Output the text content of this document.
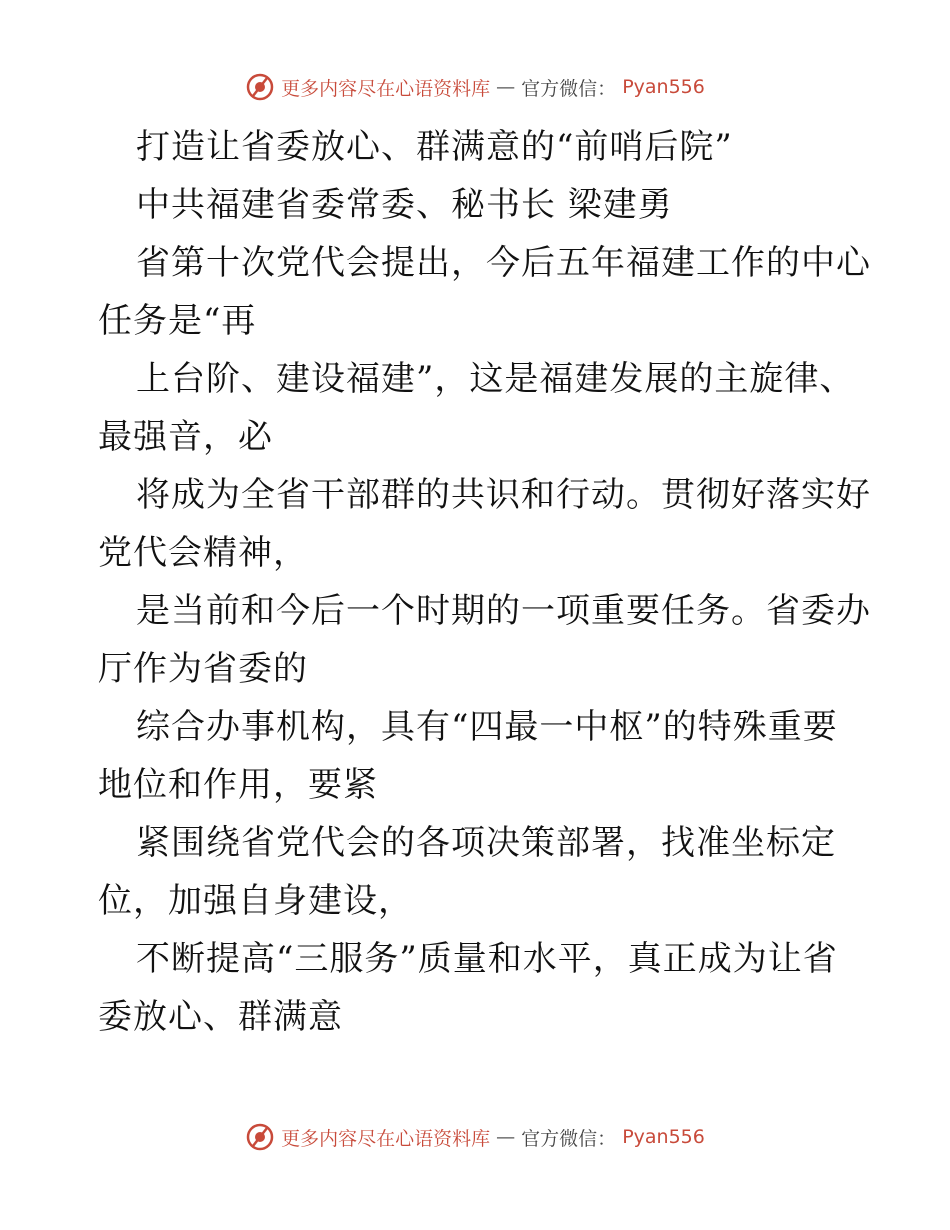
更多内容尽在心语资料库 — 官方微信： Pyan556
打造让省委放心、群满意的“前哨后院”
中共福建省委常委、秘书长 梁建勇
省第十次党代会提出，今后五年福建工作的中心
任务是“再
上台阶、建设福建”，这是福建发展的主旋律、
最强音，必
将成为全省干部群的共识和行动。贯彻好落实好
党代会精神，
是当前和今后一个时期的一项重要任务。省委办
厅作为省委的
综合办事机构，具有“四最一中枢”的特殊重要
地位和作用，要紧
紧围绕省党代会的各项决策部署，找准坐标定
位，加强自身建设，
不断提高“三服务”质量和水平，真正成为让省
委放心、群满意
更多内容尽在心语资料库 — 官方微信： Pyan556
